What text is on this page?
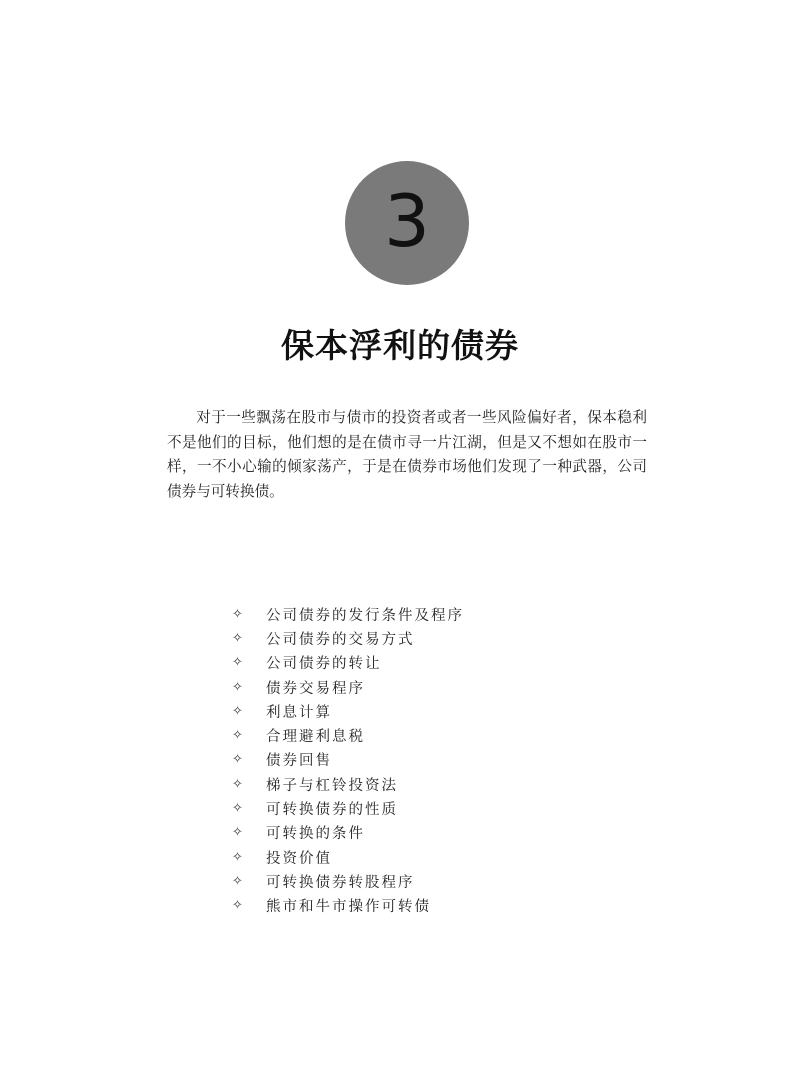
3
保本浮利的债券

对于一些飘荡在股市与债市的投资者或者一些风险偏好者，保本稳利不是他们的目标，他们想的是在债市寻一片江湖，但是又不想如在股市一样，一不小心输的倾家荡产，于是在债券市场他们发现了一种武器，公司债券与可转换债。

✧	公司债券的发行条件及程序
✧	公司债券的交易方式
✧	公司债券的转让
✧	债券交易程序
✧	利息计算
✧	合理避利息税
✧	债券回售
✧	梯子与杠铃投资法
✧	可转换债券的性质
✧	可转换的条件
✧	投资价值
✧	可转换债券转股程序
✧	熊市和牛市操作可转债
